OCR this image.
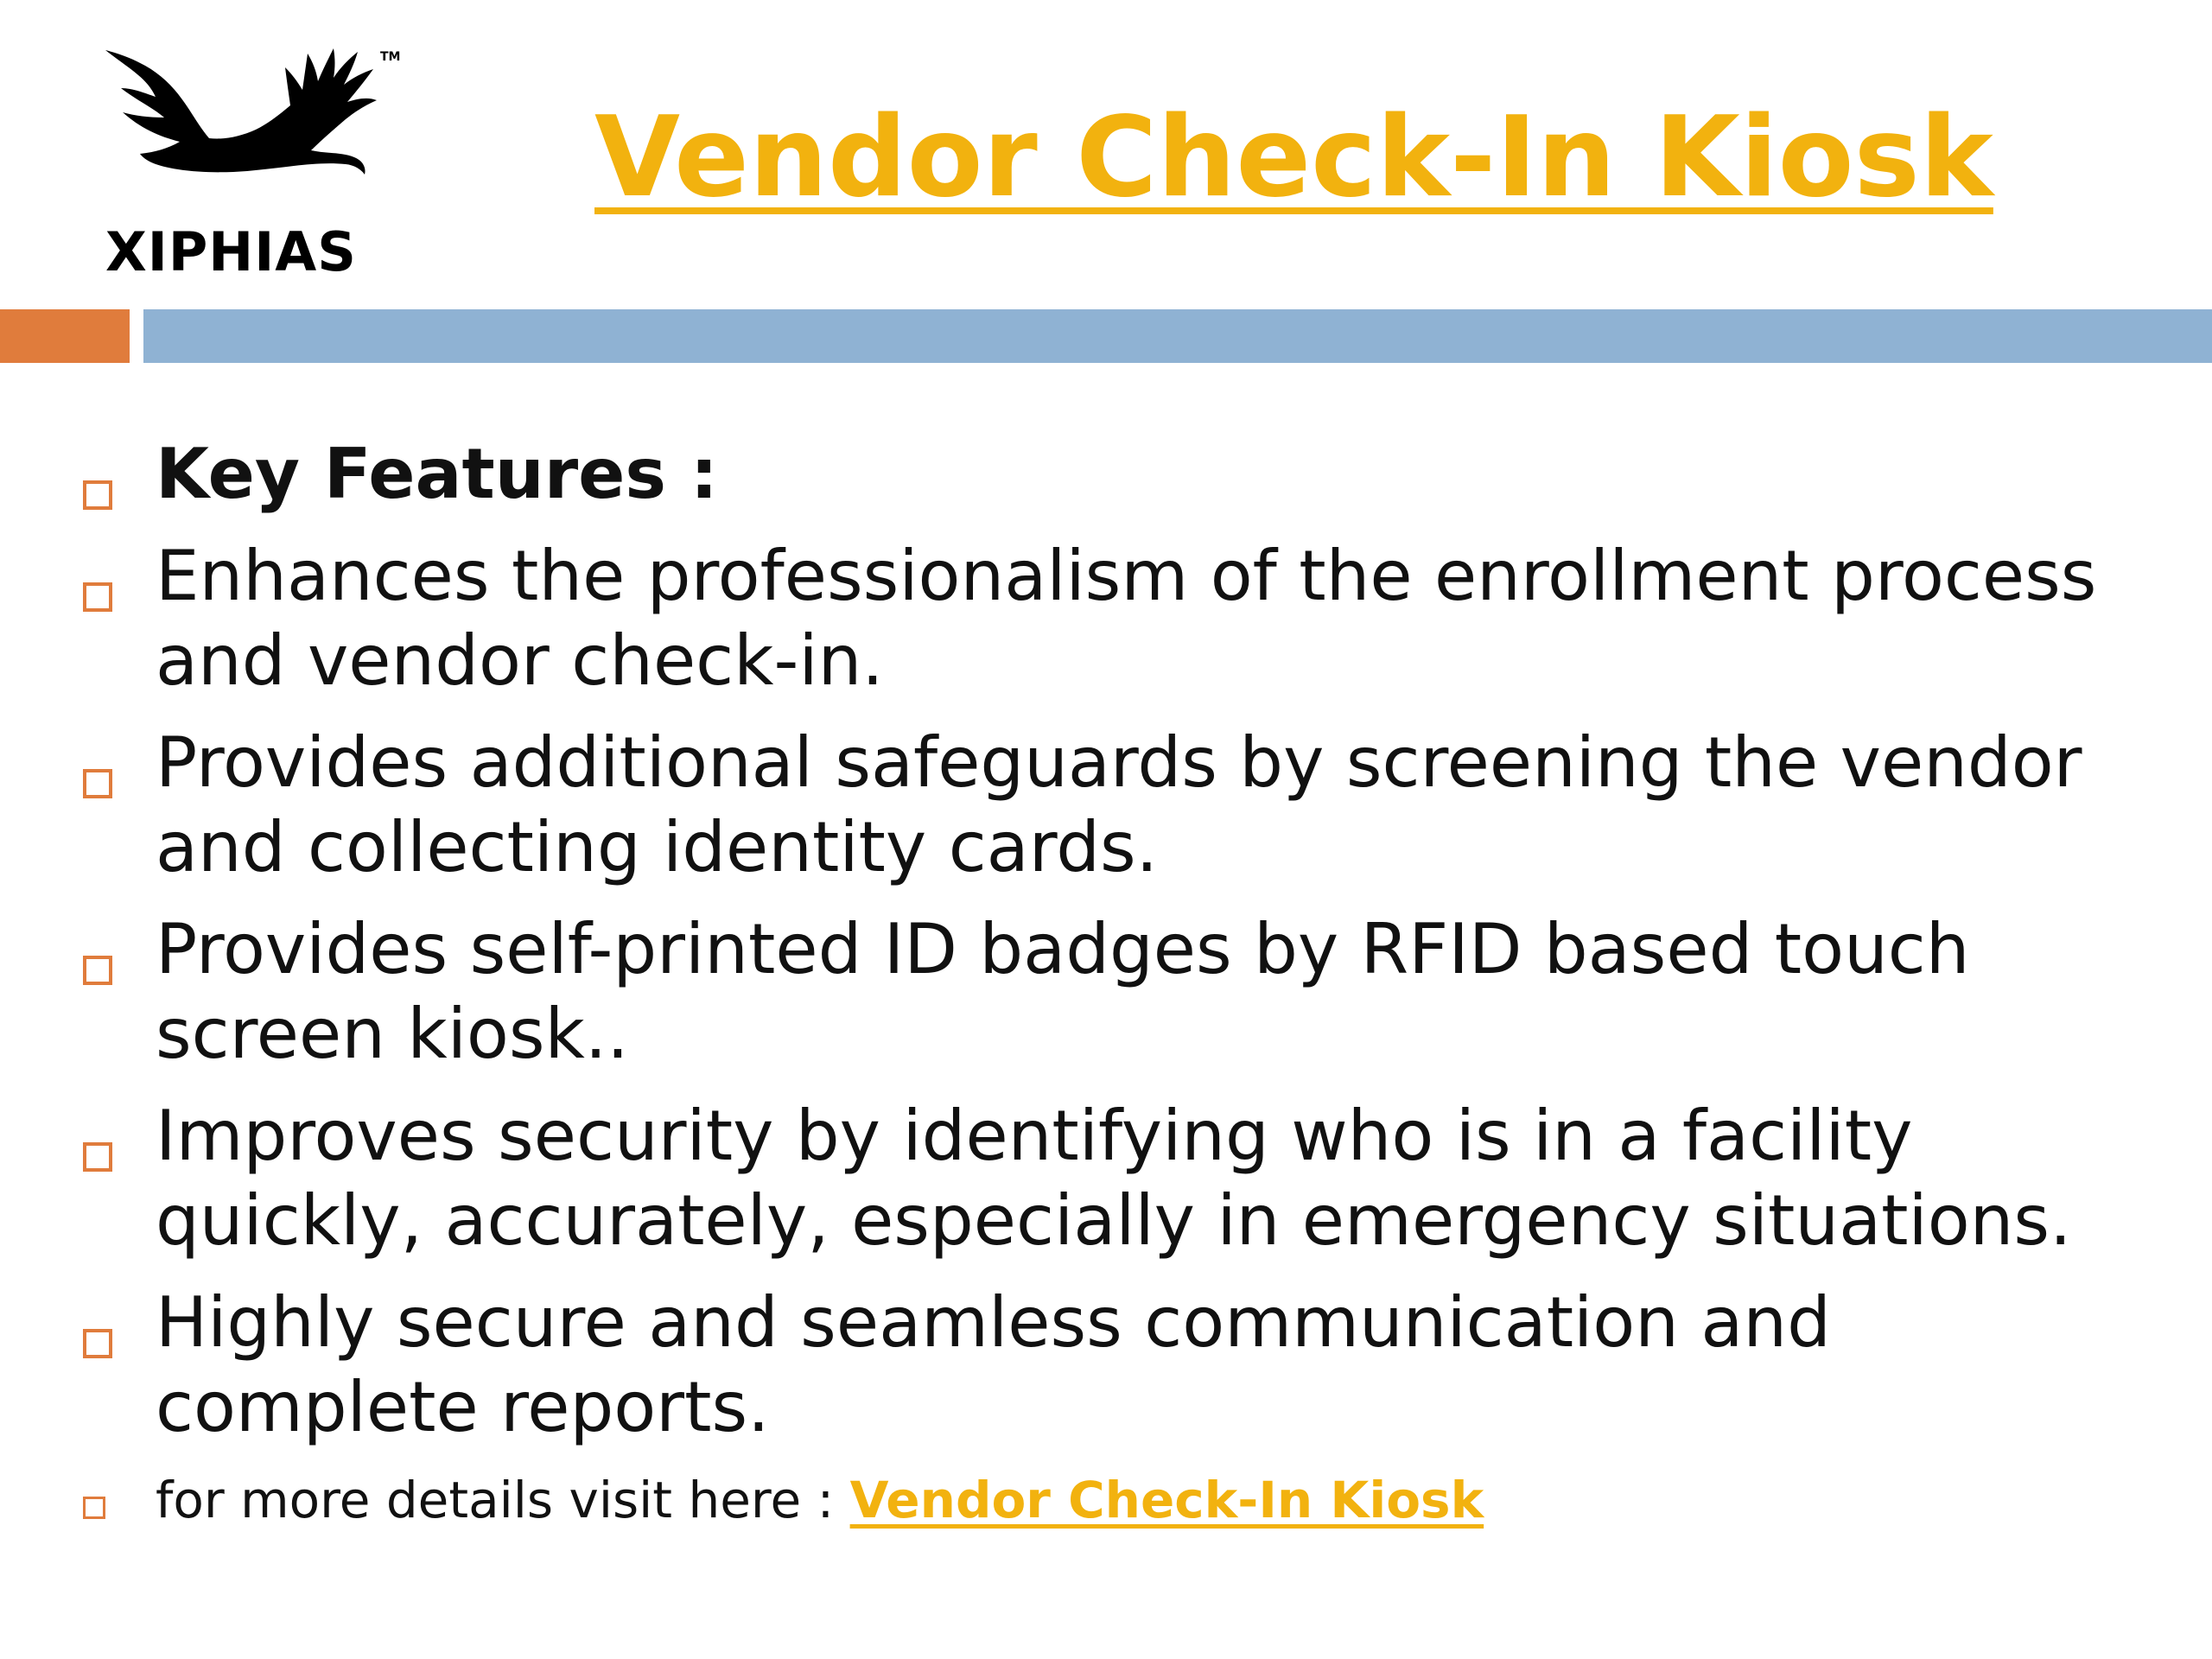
TM
XIPHIAS
Vendor Check-In Kiosk
Key Features :
Enhances the professionalism of the enrollment process and vendor check-in.
Provides additional safeguards by screening the vendor and collecting identity cards.
Provides self-printed ID badges by RFID based touch screen kiosk..
Improves security by identifying who is in a facility quickly, accurately, especially in emergency situations.
Highly secure and seamless communication and complete reports.
for more details visit here : Vendor Check-In Kiosk
